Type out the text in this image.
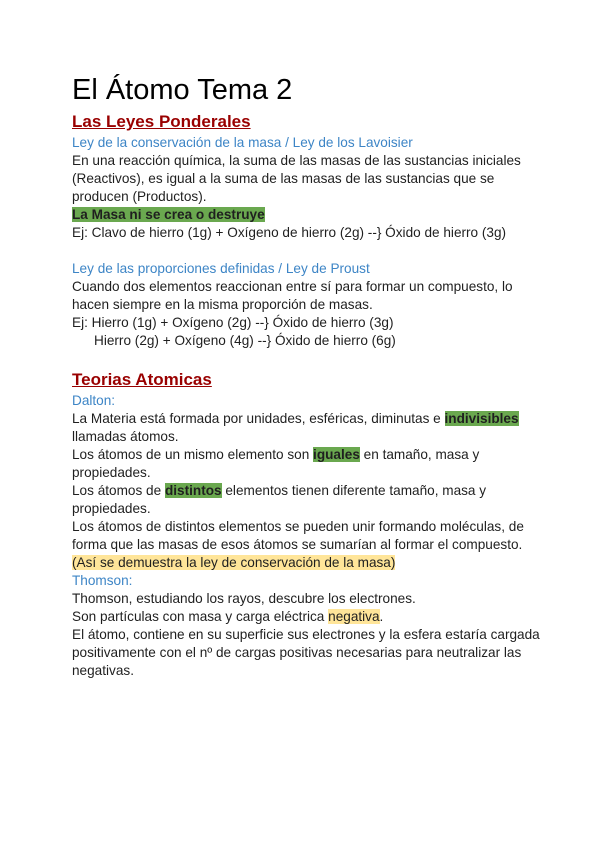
El Átomo Tema 2
Las Leyes Ponderales
Ley de la conservación de la masa / Ley de los Lavoisier
En una reacción química, la suma de las masas de las sustancias iniciales (Reactivos), es igual a la suma de las masas de las sustancias que se producen (Productos).
La Masa ni se crea o destruye
Ej: Clavo de hierro (1g) + Oxígeno de hierro (2g) --} Óxido de hierro (3g)
Ley de las proporciones definidas / Ley de Proust
Cuando dos elementos reaccionan entre sí para formar un compuesto, lo hacen siempre en la misma proporción de masas.
Ej: Hierro (1g) + Oxígeno (2g) --} Óxido de hierro (3g)
Hierro (2g) + Oxígeno (4g) --} Óxido de hierro (6g)
Teorias Atomicas
Dalton:
La Materia está formada por unidades, esféricas, diminutas e indivisibles llamadas átomos.
Los átomos de un mismo elemento son iguales en tamaño, masa y propiedades.
Los átomos de distintos elementos tienen diferente tamaño, masa y propiedades.
Los átomos de distintos elementos se pueden unir formando moléculas, de forma que las masas de esos átomos se sumarían al formar el compuesto. (Así se demuestra la ley de conservación de la masa)
Thomson:
Thomson, estudiando los rayos, descubre los electrones.
Son partículas con masa y carga eléctrica negativa.
El átomo, contiene en su superficie sus electrones y la esfera estaría cargada positivamente con el nº de cargas positivas necesarias para neutralizar las negativas.
